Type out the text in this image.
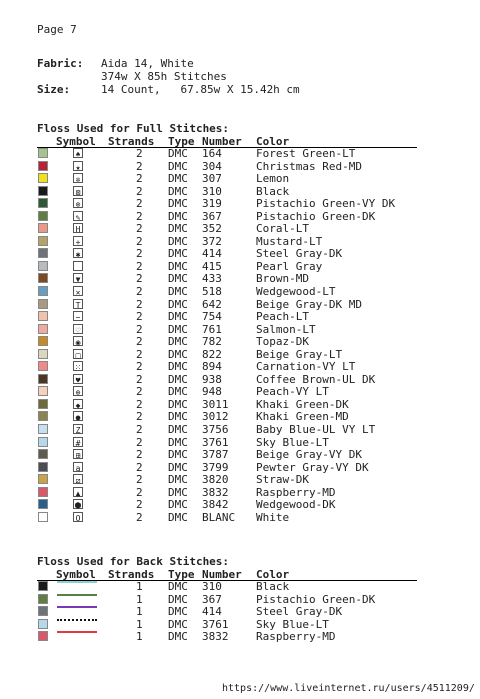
Page 7
Fabric: Aida 14, White
374w X 85h Stitches
Size:	14 Count,   67.85w X 15.42h cm
Floss Used for Full Stitches:
Symbol Strands Type Number Color
♠	2 DMC 164	Forest Green-LT
★	2 DMC 304	Christmas Red-MD
✲	2 DMC 307	Lemon
⊠	2 DMC 310	Black
⊗	2 DMC 319	Pistachio Green-VY DK
✎	2 DMC 367	Pistachio Green-DK
H	2 DMC 352	Coral-LT
+	2 DMC 372	Mustard-LT
✱	2 DMC 414	Steel Gray-DK
2 DMC 415	Pearl Gray
▼	2 DMC 433	Brown-MD
✕	2 DMC 518	Wedgewood-LT
T	2 DMC 642	Beige Gray-DK MD
−	2 DMC 754	Peach-LT
♡	2 DMC 761	Salmon-LT
◉	2 DMC 782	Topaz-DK
□	2 DMC 822	Beige Gray-LT
⁙	2 DMC 894	Carnation-VY LT
♥	2 DMC 938	Coffee Brown-UL DK
⊕	2 DMC 948	Peach-VY LT
◆	2 DMC 3011	Khaki Green-DK
●	2 DMC 3012	Khaki Green-MD
Z	2 DMC 3756	Baby Blue-UL VY LT
#	2 DMC 3761	Sky Blue-LT
⊞	2 DMC 3787	Beige Gray-VY DK
a	2 DMC 3799	Pewter Gray-VY DK
⧄	2 DMC 3820	Straw-DK
▲	2 DMC 3832	Raspberry-MD
⬢	2 DMC 3842	Wedgewood-DK
O	2 DMC BLANC White
Floss Used for Back Stitches:
Symbol Strands Type Number Color
1 DMC 310	Black
1 DMC 367	Pistachio Green-DK
1 DMC 414	Steel Gray-DK
1 DMC 3761	Sky Blue-LT
1 DMC 3832	Raspberry-MD
https://www.liveinternet.ru/users/4511209/
